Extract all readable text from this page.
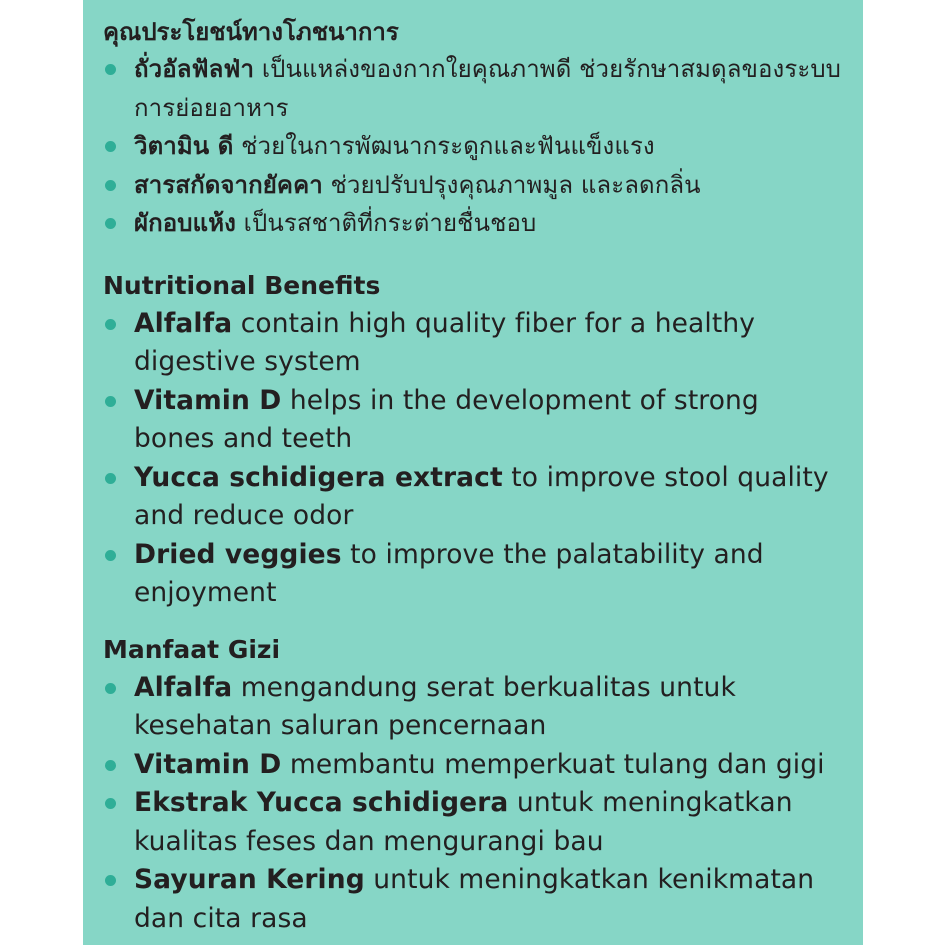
คุณประโยชน์ทางโภชนาการ
ถั่วอัลฟัลฟ่า เป็นแหล่งของกากใยคุณภาพดี ช่วยรักษาสมดุลของระบบการย่อยอาหาร
วิตามิน ดี ช่วยในการพัฒนากระดูกและฟันแข็งแรง
สารสกัดจากยัคคา ช่วยปรับปรุงคุณภาพมูล และลดกลิ่น
ผักอบแห้ง เป็นรสชาติที่กระต่ายชื่นชอบ
Nutritional Benefits
Alfalfa contain high quality fiber for a healthy digestive system
Vitamin D helps in the development of strong bones and teeth
Yucca schidigera extract to improve stool quality and reduce odor
Dried veggies to improve the palatability and enjoyment
Manfaat Gizi
Alfalfa mengandung serat berkualitas untuk kesehatan saluran pencernaan
Vitamin D membantu memperkuat tulang dan gigi
Ekstrak Yucca schidigera untuk meningkatkan kualitas feses dan mengurangi bau
Sayuran Kering untuk meningkatkan kenikmatan dan cita rasa
